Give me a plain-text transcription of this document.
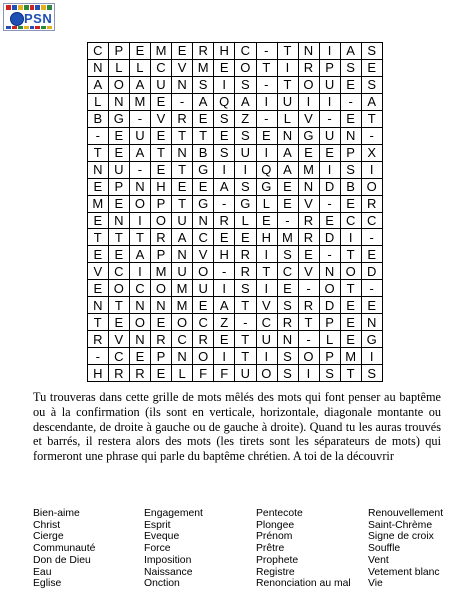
PSN
C P E M E R H C	-	T N	I	A S
N L	L C V M E O T	I	R P S E
A O A U N S	I	S	-	T O U E S
L N M E	-	A Q A	I	U	I	I	-	A
B G	-	V R E S Z	-	L V	-	E T
-	E U E T T E S E N G U N	-
T E A T N B S U	I	A E E P X
N U	-	E T G	I	I	Q A M	I	S	I
E P N H E E A S G E N D B O
M E O P T G	-	G L E V	-	E R
E N	I	O U N R L E	-	R E C C
T T T R A C E E H M R D	I	-
E E A P N V H R	I	S E	-	T E
V C	I	M U O	-	R T C V N O D
E O C O M U	I	S	I	E	-	O T	-
N T N N M E A T V S R D E E
T E O E O C Z	-	C R T P E N
R V N R C R E T U N	-	L E G
-	C E P N O	I	T	I	S O P M	I
H R R E L F F U O S	I	S T S

Tu trouveras dans cette grille de mots mêlés des mots qui font penser au baptême ou à la confirmation (ils sont en verticale, horizontale, diagonale montante ou descendante, de droite à gauche ou de gauche à droite). Quand tu les auras trouvés et barrés, il restera alors des mots (les tirets sont les séparateurs de mots) qui formeront une phrase qui parle du baptême chrétien. A toi de la découvrir

Bien-aime
Christ
Cierge
Communauté
Don de Dieu
Eau
Eglise
Engagement
Esprit
Eveque
Force
Imposition
Naissance
Onction
Pentecote
Plongee
Prénom
Prêtre
Prophete
Registre
Renonciation au mal
Renouvellement
Saint-Chrème
Signe de croix
Souffle
Vent
Vetement blanc
Vie
